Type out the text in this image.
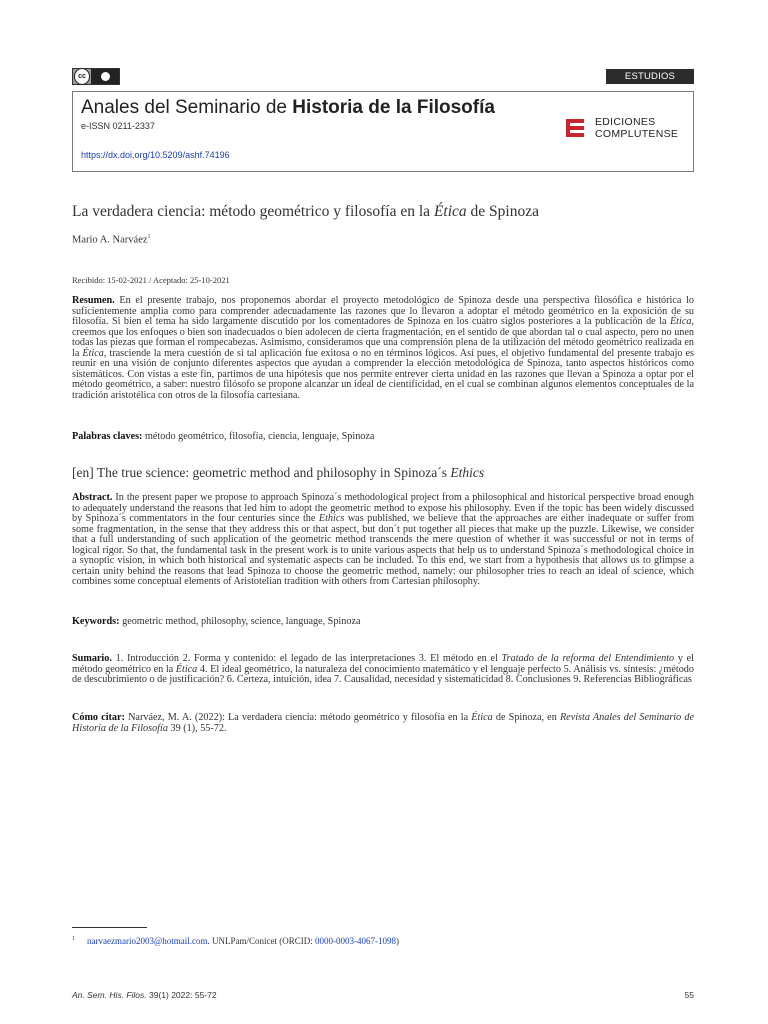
cc	ESTUDIOS
Anales del Seminario de Historia de la Filosofía
e-ISSN 0211-2337
https://dx.doi.org/10.5209/ashf.74196
EDICIONES
COMPLUTENSE
La verdadera ciencia: método geométrico y filosofía en la Ética de Spinoza
Mario A. Narváez$^1$
Recibido: 15-02-2021 / Aceptado: 25-10-2021
Resumen. En el presente trabajo, nos proponemos abordar el proyecto metodológico de Spinoza desde una perspectiva filosófica e histórica lo suficientemente amplia como para comprender adecuadamente las razones que lo llevaron a adoptar el método geométrico en la exposición de su filosofía. Si bien el tema ha sido largamente discutido por los comentadores de Spinoza en los cuatro siglos posteriores a la publicación de la Ética, creemos que los enfoques o bien son inadecuados o bien adolecen de cierta fragmentación, en el sentido de que abordan tal o cual aspecto, pero no unen todas las piezas que forman el rompecabezas. Asimismo, consideramos que una comprensión plena de la utilización del método geométrico realizada en la Ética, trasciende la mera cuestión de si tal aplicación fue exitosa o no en términos lógicos. Así pues, el objetivo fundamental del presente trabajo es reunir en una visión de conjunto diferentes aspectos que ayudan a comprender la elección metodológica de Spinoza, tanto aspectos históricos como sistemáticos. Con vistas a este fin, partimos de una hipótesis que nos permite entrever cierta unidad en las razones que llevan a Spinoza a optar por el método geométrico, a saber: nuestro filósofo se propone alcanzar un ideal de cientificidad, en el cual se combinan algunos elementos conceptuales de la tradición aristotélica con otros de la filosofía cartesiana.
Palabras claves: método geométrico, filosofía, ciencia, lenguaje, Spinoza
[en] The true science: geometric method and philosophy in Spinoza´s Ethics
Abstract. In the present paper we propose to approach Spinoza´s methodological project from a philosophical and historical perspective broad enough to adequately understand the reasons that led him to adopt the geometric method to expose his philosophy. Even if the topic has been widely discussed by Spinoza´s commentators in the four centuries since the Ethics was published, we believe that the approaches are either inadequate or suffer from some fragmentation, in the sense that they address this or that aspect, but don´t put together all pieces that make up the puzzle. Likewise, we consider that a full understanding of such application of the geometric method transcends the mere question of whether it was successful or not in terms of logical rigor. So that, the fundamental task in the present work is to unite various aspects that help us to understand Spinoza´s methodological choice in a synoptic vision, in which both historical and systematic aspects can be included. To this end, we start from a hypothesis that allows us to glimpse a certain unity behind the reasons that lead Spinoza to choose the geometric method, namely: our philosopher tries to reach an ideal of science, which combines some conceptual elements of Aristotelian tradition with others from Cartesian philosophy.
Keywords: geometric method, philosophy, science, language, Spinoza
Sumario. 1. Introducción 2. Forma y contenido: el legado de las interpretaciones 3. El método en el Tratado de la reforma del Entendimiento y el método geométrico en la Ética 4. El ideal geométrico, la naturaleza del conocimiento matemático y el lenguaje perfecto 5. Análisis vs. síntesis: ¿método de descubrimiento o de justificación? 6. Certeza, intuición, idea 7. Causalidad, necesidad y sistematicidad 8. Conclusiones 9. Referencias Bibliográficas
Cómo citar: Narváez, M. A. (2022): La verdadera ciencia: método geométrico y filosofía en la Ética de Spinoza, en Revista Anales del Seminario de Historia de la Filosofía 39 (1), 55-72.
$^1$ narvaezmario2003@hotmail.com. UNLPam/Conicet (ORCID: 0000-0003-4067-1098)
An. Sem. His. Filos. 39(1) 2022: 55-72	55
